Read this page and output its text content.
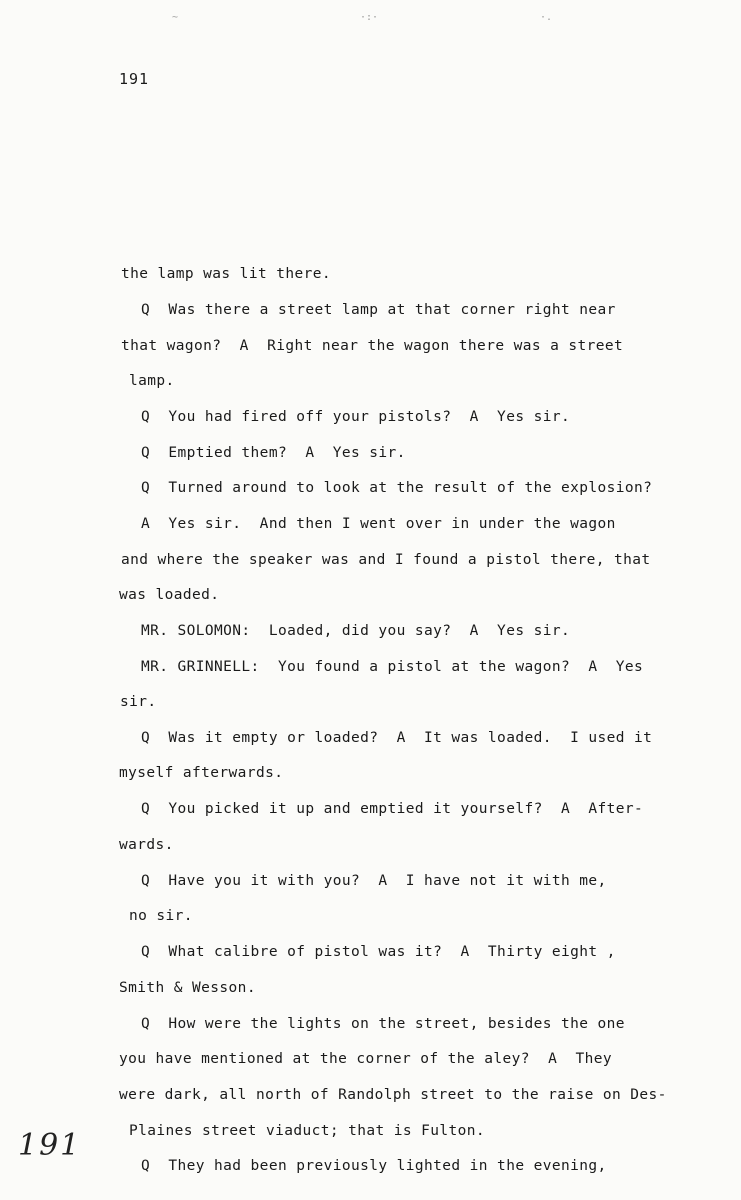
~	·:·	·.
191
the lamp was lit there.
Q  Was there a street lamp at that corner right near
that wagon?  A  Right near the wagon there was a street
lamp.
Q  You had fired off your pistols?  A  Yes sir.
Q  Emptied them?  A  Yes sir.
Q  Turned around to look at the result of the explosion?
A  Yes sir.  And then I went over in under the wagon
and where the speaker was and I found a pistol there, that
was loaded.
MR. SOLOMON:  Loaded, did you say?  A  Yes sir.
MR. GRINNELL:  You found a pistol at the wagon?  A  Yes
sir.
Q  Was it empty or loaded?  A  It was loaded.  I used it
myself afterwards.
Q  You picked it up and emptied it yourself?  A  After-
wards.
Q  Have you it with you?  A  I have not it with me,
no sir.
Q  What calibre of pistol was it?  A  Thirty eight ,
Smith & Wesson.
Q  How were the lights on the street, besides the one
you have mentioned at the corner of the aley?  A  They
were dark, all north of Randolph street to the raise on Des-
Plaines street viaduct; that is Fulton.
Q  They had been previously lighted in the evening,
191
